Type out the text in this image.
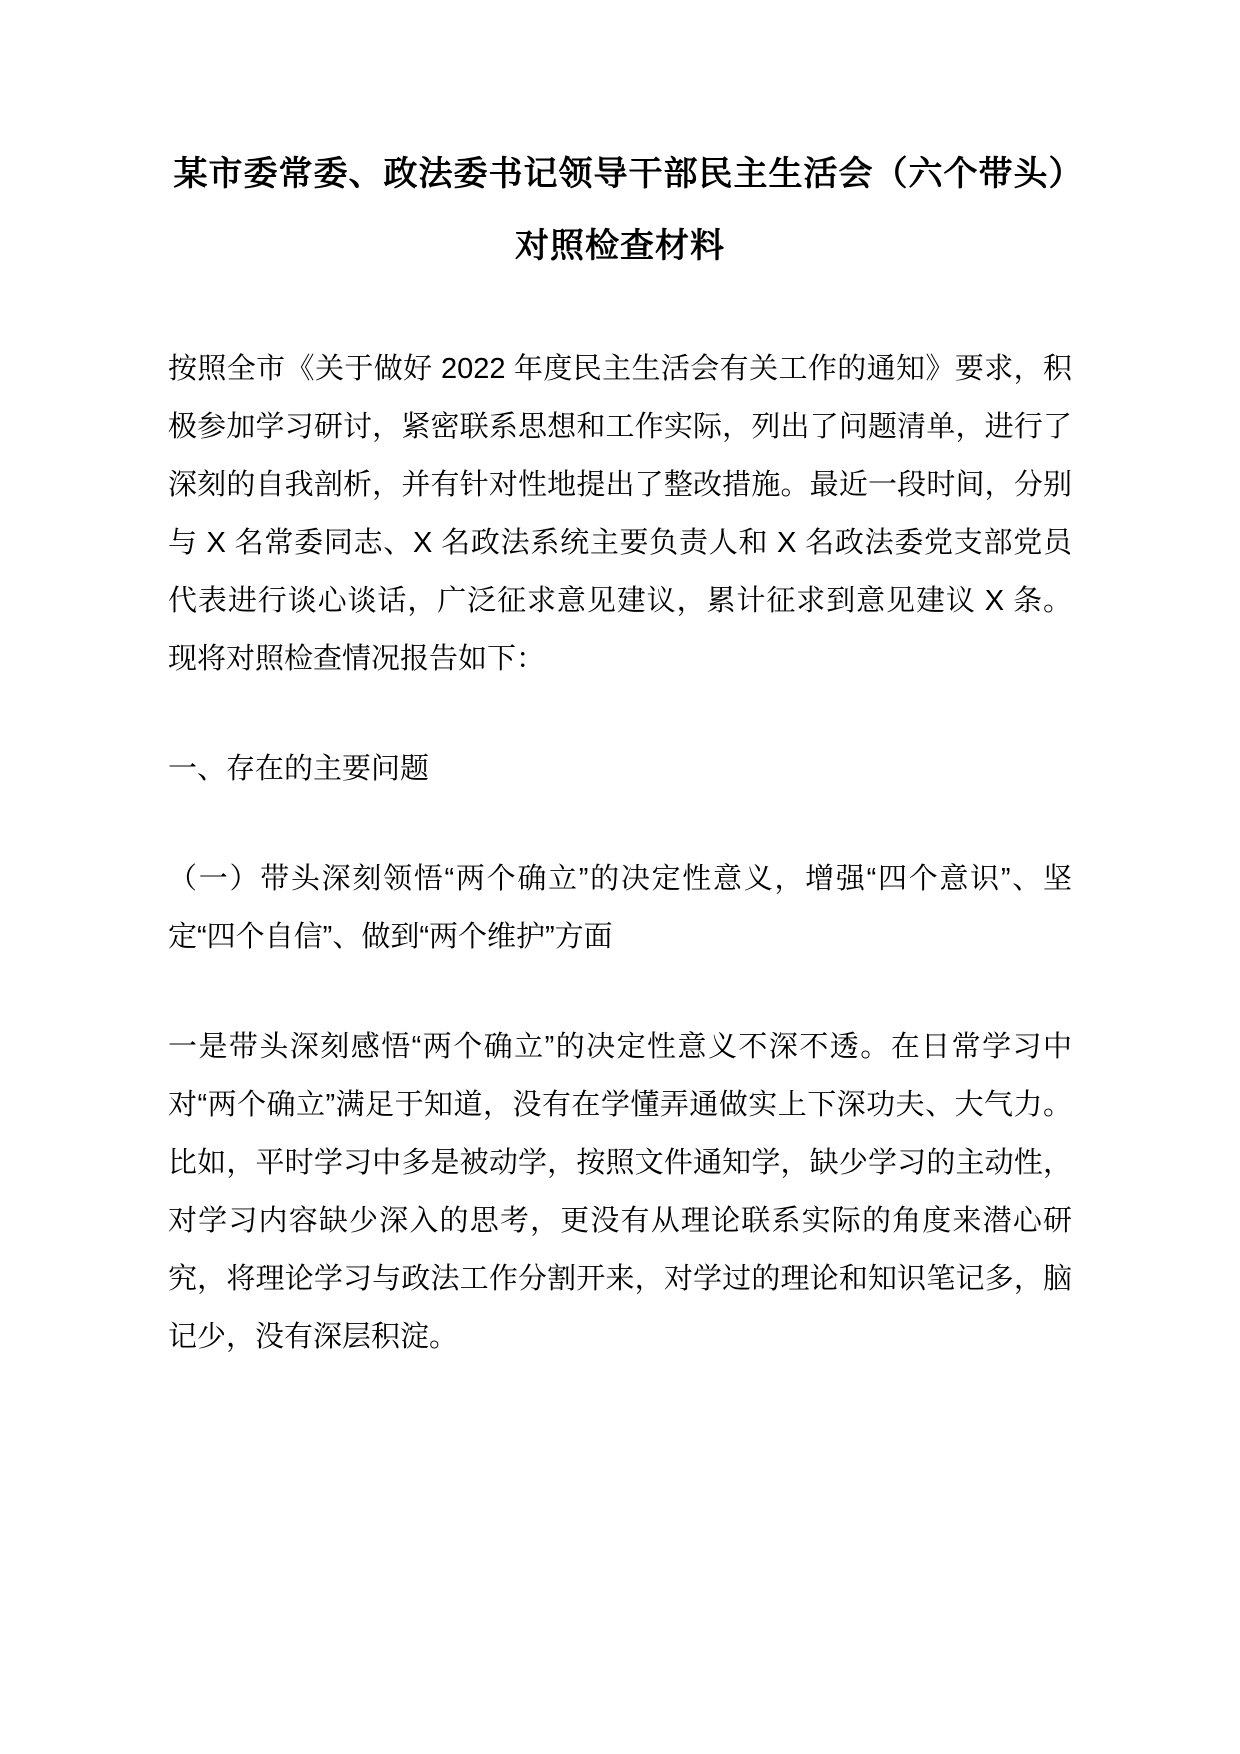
某市委常委、政法委书记领导干部民主生活会（六个带头）对照检查材料

按照全市《关于做好 2022 年度民主生活会有关工作的通知》要求，积极参加学习研讨，紧密联系思想和工作实际，列出了问题清单，进行了深刻的自我剖析，并有针对性地提出了整改措施。最近一段时间，分别与 X 名常委同志、X 名政法系统主要负责人和 X 名政法委党支部党员代表进行谈心谈话，广泛征求意见建议，累计征求到意见建议 X 条。现将对照检查情况报告如下：

一、存在的主要问题

（一）带头深刻领悟“两个确立”的决定性意义，增强“四个意识”、坚定“四个自信”、做到“两个维护”方面

一是带头深刻感悟“两个确立”的决定性意义不深不透。在日常学习中对“两个确立”满足于知道，没有在学懂弄通做实上下深功夫、大气力。比如，平时学习中多是被动学，按照文件通知学，缺少学习的主动性，对学习内容缺少深入的思考，更没有从理论联系实际的角度来潜心研究，将理论学习与政法工作分割开来，对学过的理论和知识笔记多，脑记少，没有深层积淀。
